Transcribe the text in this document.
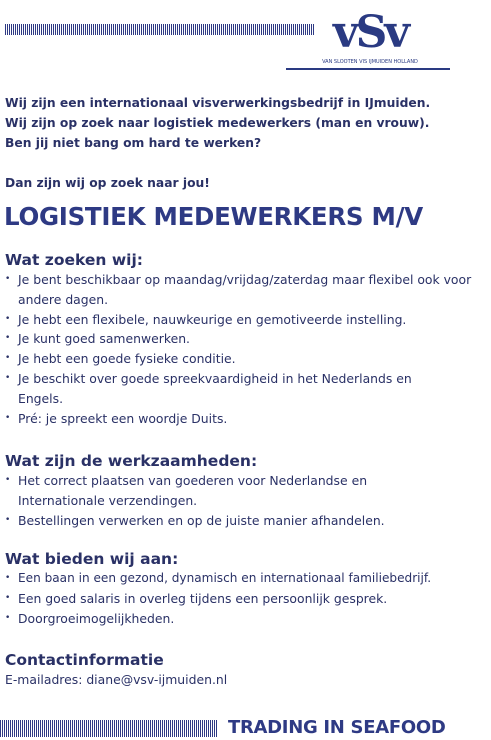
vSv
VAN SLOOTEN VIS IJMUIDEN HOLLAND

Wij zijn een internationaal visverwerkingsbedrijf in IJmuiden.

Wij zijn op zoek naar logistiek medewerkers (man en vrouw).

Ben jij niet bang om hard te werken?

Dan zijn wij op zoek naar jou!
LOGISTIEK MEDEWERKERS M/V
Wat zoeken wij:
• Je bent beschikbaar op maandag/vrijdag/zaterdag maar flexibel ook voor andere dagen.
• Je hebt een flexibele, nauwkeurige en gemotiveerde instelling.
• Je kunt goed samenwerken.
• Je hebt een goede fysieke conditie.
• Je beschikt over goede spreekvaardigheid in het Nederlands en Engels.
• Pré: je spreekt een woordje Duits.
Wat zijn de werkzaamheden:
• Het correct plaatsen van goederen voor Nederlandse en Internationale verzendingen.
• Bestellingen verwerken en op de juiste manier afhandelen.
Wat bieden wij aan:
• Een baan in een gezond, dynamisch en internationaal familiebedrijf.
• Een goed salaris in overleg tijdens een persoonlijk gesprek.
• Doorgroeimogelijkheden.
Contactinformatie

E-mailadres: diane@vsv-ijmuiden.nl

TRADING IN SEAFOOD
